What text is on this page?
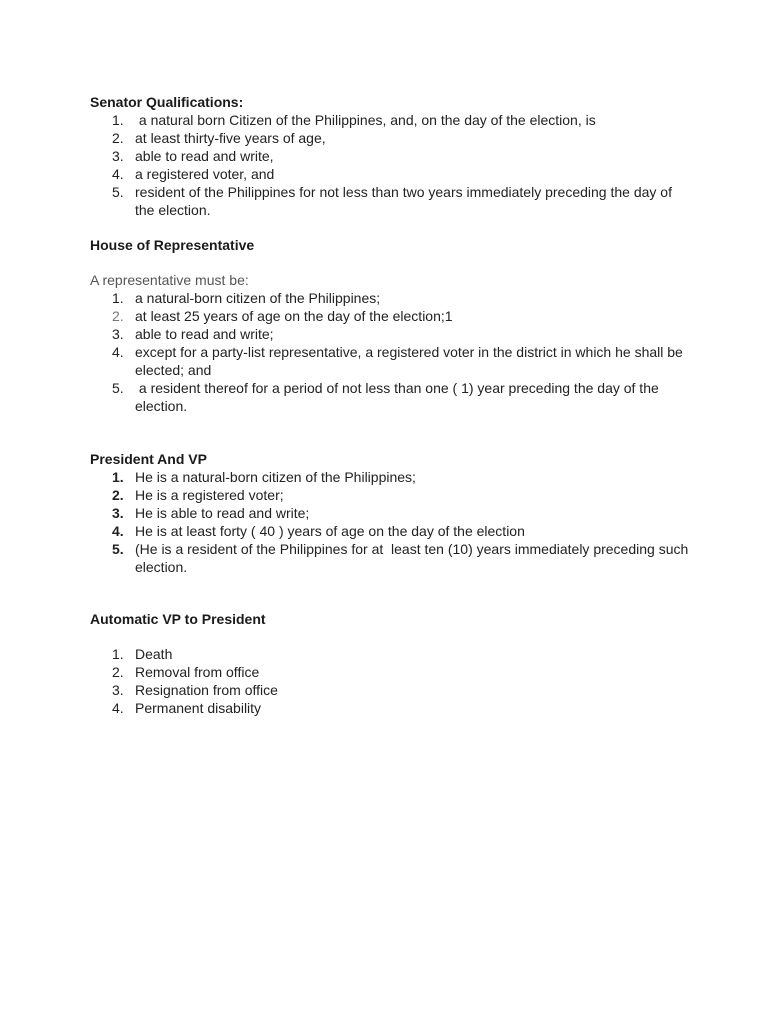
Senator Qualifications:

1. a natural born Citizen of the Philippines, and, on the day of the election, is
2. at least thirty-five years of age,
3. able to read and write,
4. a registered voter, and
5. resident of the Philippines for not less than two years immediately preceding the day of the election.

House of Representative

A representative must be:

1. a natural-born citizen of the Philippines;
2. at least 25 years of age on the day of the election;1
3. able to read and write;
4. except for a party-list representative, a registered voter in the district in which he shall be elected; and
5. a resident thereof for a period of not less than one ( 1) year preceding the day of the election.

President And VP

1. He is a natural-born citizen of the Philippines;
2. He is a registered voter;
3. He is able to read and write;
4. He is at least forty ( 40 ) years of age on the day of the election
5. (He is a resident of the Philippines for at  least ten (10) years immediately preceding such election.

Automatic VP to President

1. Death
2. Removal from office
3. Resignation from office
4. Permanent disability
